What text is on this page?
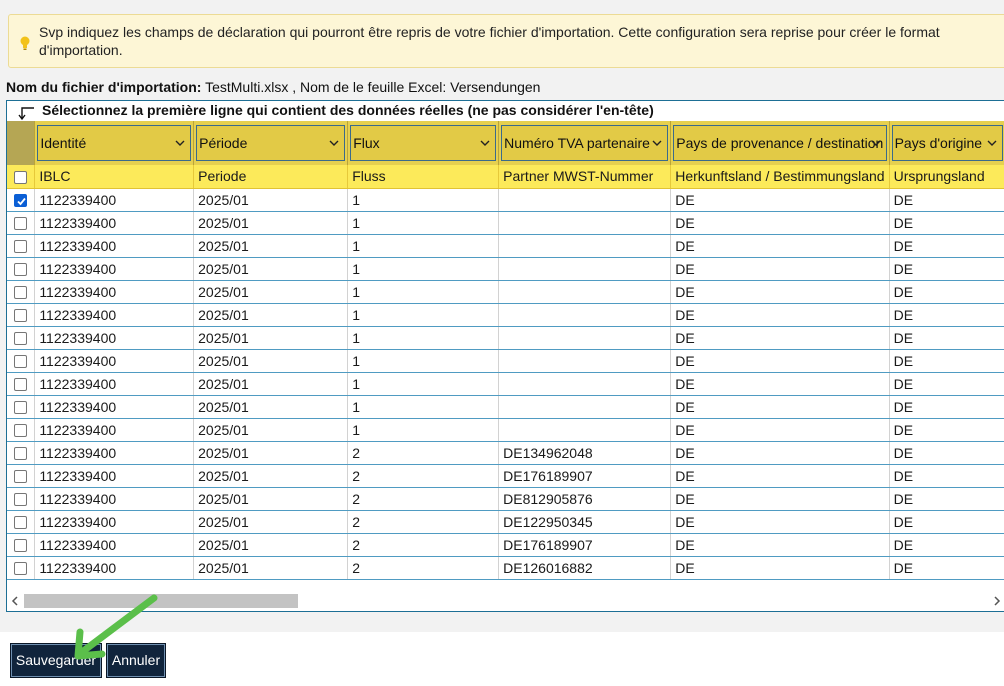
Svp indiquez les champs de déclaration qui pourront être repris de votre fichier d'importation. Cette configuration sera reprise pour créer le format d'importation.
Nom du fichier d'importation: TestMulti.xlsx , Nom de le feuille Excel: Versendungen
Sélectionnez la première ligne qui contient des données réelles (ne pas considérer l'en-tête)

	Identité	Période	Flux	Numéro TVA partenaire	Pays de provenance / destination	Pays d'origine

	IBLC	Periode	Fluss	Partner MWST-Nummer	Herkunftsland / Bestimmungsland	Ursprungsland

	1122339400	2025/01	1		DE	DE
	1122339400	2025/01	1		DE	DE
	1122339400	2025/01	1		DE	DE
	1122339400	2025/01	1		DE	DE
	1122339400	2025/01	1		DE	DE
	1122339400	2025/01	1		DE	DE
	1122339400	2025/01	1		DE	DE
	1122339400	2025/01	1		DE	DE
	1122339400	2025/01	1		DE	DE
	1122339400	2025/01	1		DE	DE
	1122339400	2025/01	1		DE	DE
	1122339400	2025/01	2	DE134962048	DE	DE
	1122339400	2025/01	2	DE176189907	DE	DE
	1122339400	2025/01	2	DE812905876	DE	DE
	1122339400	2025/01	2	DE122950345	DE	DE
	1122339400	2025/01	2	DE176189907	DE	DE
	1122339400	2025/01	2	DE126016882	DE	DE
Sauvegarder	Annuler
